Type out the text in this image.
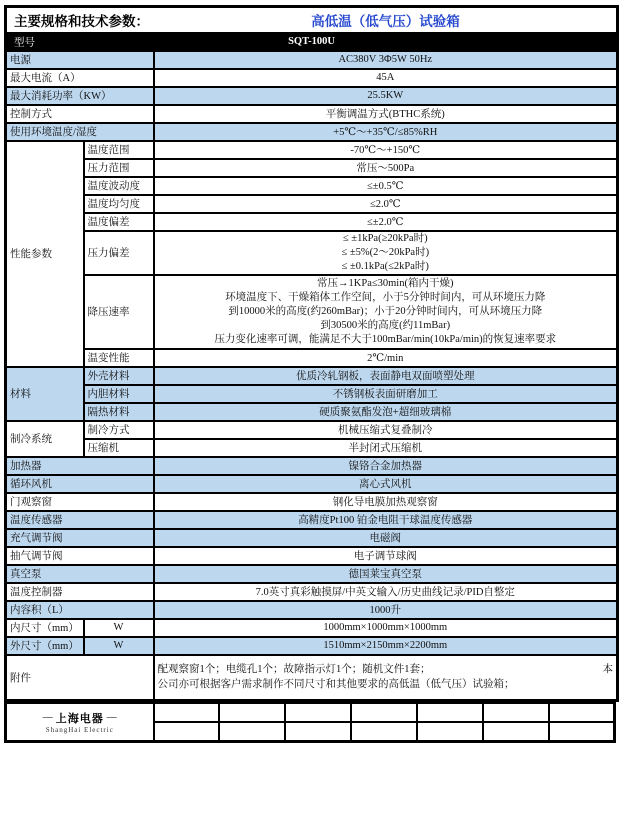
主要规格和技术参数： 高低温（低气压）试验箱		

型号 SQT-100U		

电源		AC380V 3Φ5W 50Hz
最大电流（A）		45A
最大消耗功率（KW）		25.5KW
控制方式		平衡调温方式(BTHC系统)
使用环境温度/湿度		+5℃～+35℃/≤85%RH
性能参数	温度范围	-70℃～+150℃
	压力范围	常压～500Pa
	温度波动度	≤±0.5℃
	温度均匀度	≤2.0℃
	温度偏差	≤±2.0℃
	压力偏差	≤ ±1kPa(≥20kPa时)
≤ ±5%(2～20kPa时)
≤ ±0.1kPa(≤2kPa时)

	降压速率	常压→1KPa≤30min(箱内干燥)
环境温度下、干燥箱体工作空间，小于5分钟时间内，可从环境压力降
到10000米的高度(约260mBar)；小于20分钟时间内，可从环境压力降
到30500米的高度(约11mBar)
压力变化速率可调，能满足不大于100mBar/min(10kPa/min)的恢复速率要求

	温变性能	2℃/min
材料	外壳材料	优质冷轧钢板，表面静电双面喷塑处理
	内胆材料	不锈钢板表面研磨加工
	隔热材料	硬质聚氨酯发泡+超细玻璃棉
制冷系统	制冷方式	机械压缩式复叠制冷
	压缩机	半封闭式压缩机
加热器		镍铬合金加热器
循环风机		离心式风机
门观察窗		钢化导电膜加热观察窗
温度传感器		高精度Pt100 铂金电阻干球温度传感器
充气调节阀		电磁阀
抽气调节阀		电子调节球阀
真空泵		德国莱宝真空泵
温度控制器		7.0英寸真彩触摸屏/中英文输入/历史曲线记录/PID自整定
内容积（L）		1000升
内尺寸（mm）	W	1000mm×1000mm×1000mm
外尺寸（mm）	W	1510mm×2150mm×2200mm
附件		配观察窗1个；电缆孔1个；故障指示灯1个；随机文件1套； 本
公司亦可根据客户需求制作不同尺寸和其他要求的高低温（低气压）试验箱；
— 上海电器 —
ShangHai Electric							
